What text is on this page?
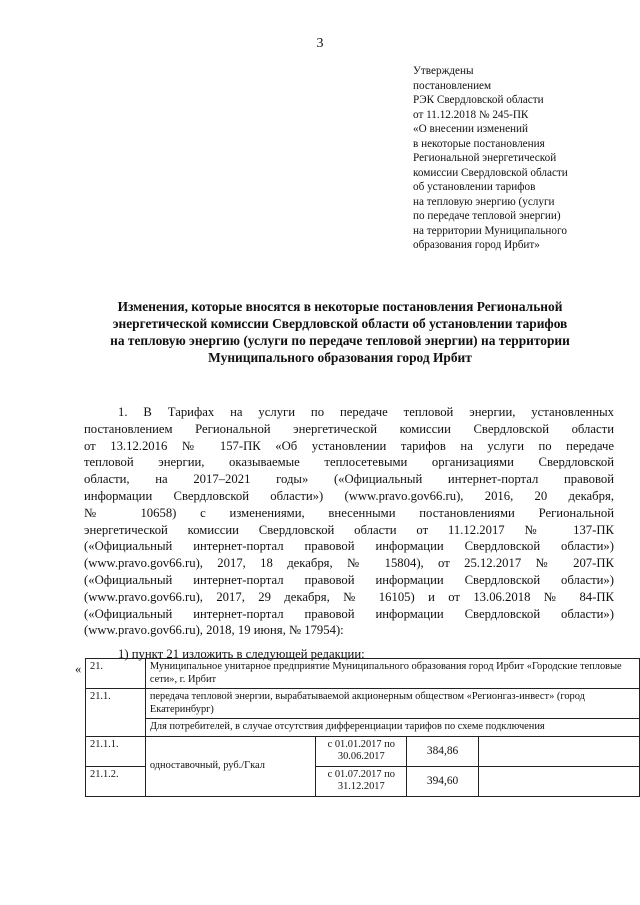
3
Утверждены
постановлением
РЭК Свердловской области
от 11.12.2018 № 245-ПК
«О внесении изменений
в некоторые постановления
Региональной энергетической
комиссии Свердловской области
об установлении тарифов
на тепловую энергию (услуги
по передаче тепловой энергии)
на территории Муниципального
образования город Ирбит»
Изменения, которые вносятся в некоторые постановления Региональной
энергетической комиссии Свердловской области об установлении тарифов
на тепловую энергию (услуги по передаче тепловой энергии) на территории
Муниципального образования город Ирбит
1. В Тарифах на услуги по передаче тепловой энергии, установленных
постановлением Региональной энергетической комиссии Свердловской области
от 13.12.2016 № 157-ПК «Об установлении тарифов на услуги по передаче
тепловой энергии, оказываемые теплосетевыми организациями Свердловской
области, на 2017–2021 годы» («Официальный интернет-портал правовой
информации Свердловской области») (www.pravo.gov66.ru), 2016, 20 декабря,
№ 10658) с изменениями, внесенными постановлениями Региональной
энергетической комиссии Свердловской области от 11.12.2017 № 137-ПК
(«Официальный интернет-портал правовой информации Свердловской области»)
(www.pravo.gov66.ru), 2017, 18 декабря, № 15804), от 25.12.2017 № 207-ПК
(«Официальный интернет-портал правовой информации Свердловской области»)
(www.pravo.gov66.ru), 2017, 29 декабря, № 16105) и от 13.06.2018 № 84-ПК
(«Официальный интернет-портал правовой информации Свердловской области»)
(www.pravo.gov66.ru), 2018, 19 июня, № 17954):
1) пункт 21 изложить в следующей редакции:
« 21.	Муниципальное унитарное предприятие Муниципального образования город Ирбит «Городские тепловые сети», г. Ирбит			
21.1.	передача тепловой энергии, вырабатываемой акционерным обществом «Регионгаз-инвест» (город Екатеринбург)			
	Для потребителей, в случае отсутствия дифференциации тарифов по схеме подключения			
21.1.1.	одноставочный, руб./Гкал	с 01.01.2017 по 30.06.2017	384,86	
21.1.2.		с 01.07.2017 по 31.12.2017	394,60	
